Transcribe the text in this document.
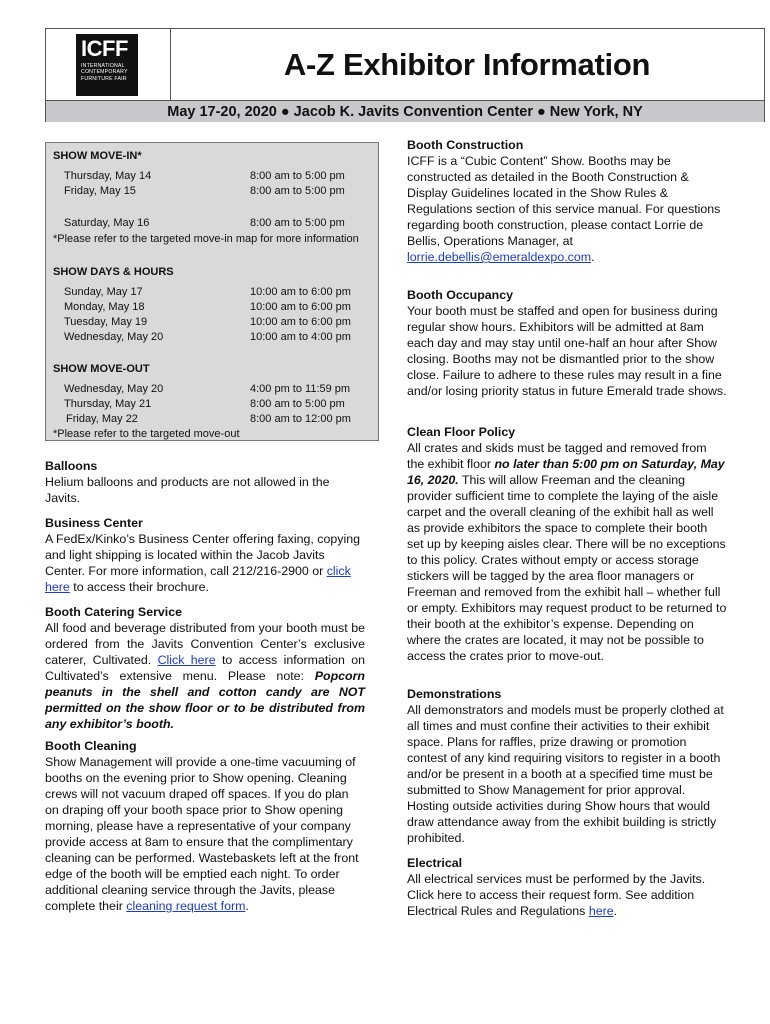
ICFF
INTERNATIONAL
CONTEMPORARY
FURNITURE FAIR	A-Z Exhibitor Information
May 17-20, 2020 ● Jacob K. Javits Convention Center ● New York, NY
SHOW MOVE-IN*
Thursday, May 14	8:00 am to 5:00 pm
Friday, May 15	8:00 am to 5:00 pm
Saturday, May 16	8:00 am to 5:00 pm
*Please refer to the targeted move-in map for more information
SHOW DAYS & HOURS
Sunday, May 17	10:00 am to 6:00 pm
Monday, May 18	10:00 am to 6:00 pm
Tuesday, May 19	10:00 am to 6:00 pm
Wednesday, May 20	10:00 am to 4:00 pm
SHOW MOVE-OUT
Wednesday, May 20	4:00 pm to 11:59 pm
Thursday, May 21	8:00 am to 5:00 pm
Friday, May 22	8:00 am to 12:00 pm
*Please refer to the targeted move-out
Balloons

Helium balloons and products are not allowed in the Javits.

Business Center

A FedEx/Kinko’s Business Center offering faxing, copying and light shipping is located within the Jacob Javits Center. For more information, call 212/216-2900 or click here to access their brochure.

Booth Catering Service

All food and beverage distributed from your booth must be ordered from the Javits Convention Center’s exclusive caterer, Cultivated. Click here to access information on Cultivated’s extensive menu. Please note: Popcorn peanuts in the shell and cotton candy are NOT permitted on the show floor or to be distributed from any exhibitor’s booth.

Booth Cleaning

Show Management will provide a one-time vacuuming of booths on the evening prior to Show opening. Cleaning crews will not vacuum draped off spaces. If you do plan on draping off your booth space prior to Show opening morning, please have a representative of your company provide access at 8am to ensure that the complimentary cleaning can be performed. Wastebaskets left at the front edge of the booth will be emptied each night. To order additional cleaning service through the Javits, please complete their cleaning request form.

Booth Construction

ICFF is a “Cubic Content” Show. Booths may be constructed as detailed in the Booth Construction & Display Guidelines located in the Show Rules & Regulations section of this service manual. For questions regarding booth construction, please contact Lorrie de Bellis, Operations Manager, at lorrie.debellis@emeraldexpo.com.

Booth Occupancy

Your booth must be staffed and open for business during regular show hours. Exhibitors will be admitted at 8am each day and may stay until one-half an hour after Show closing. Booths may not be dismantled prior to the show close. Failure to adhere to these rules may result in a fine and/or losing priority status in future Emerald trade shows.

Clean Floor Policy

All crates and skids must be tagged and removed from the exhibit floor no later than 5:00 pm on Saturday, May 16, 2020. This will allow Freeman and the cleaning provider sufficient time to complete the laying of the aisle carpet and the overall cleaning of the exhibit hall as well as provide exhibitors the space to complete their booth set up by keeping aisles clear. There will be no exceptions to this policy. Crates without empty or access storage stickers will be tagged by the area floor managers or Freeman and removed from the exhibit hall – whether full or empty. Exhibitors may request product to be returned to their booth at the exhibitor’s expense. Depending on where the crates are located, it may not be possible to access the crates prior to move-out.

Demonstrations

All demonstrators and models must be properly clothed at all times and must confine their activities to their exhibit space. Plans for raffles, prize drawing or promotion contest of any kind requiring visitors to register in a booth and/or be present in a booth at a specified time must be submitted to Show Management for prior approval. Hosting outside activities during Show hours that would draw attendance away from the exhibit building is strictly prohibited.

Electrical

All electrical services must be performed by the Javits. Click here to access their request form. See addition Electrical Rules and Regulations here.
